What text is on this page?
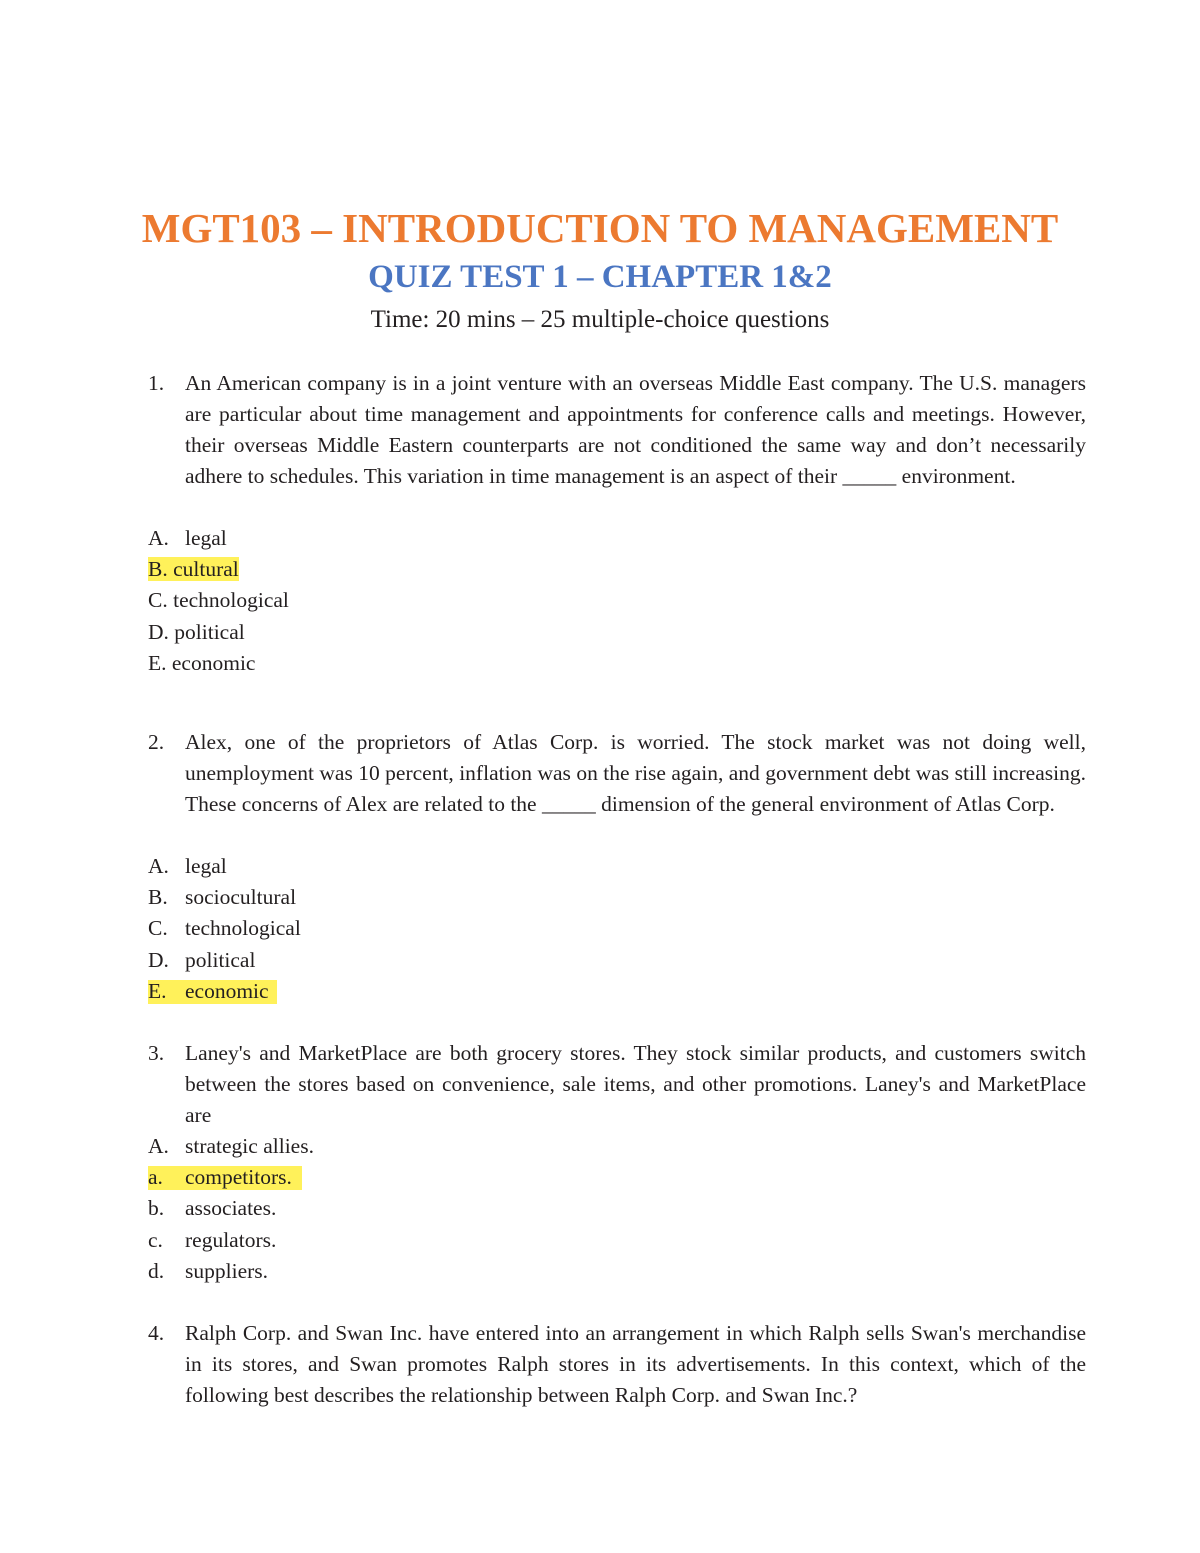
MGT103 – INTRODUCTION TO MANAGEMENT
QUIZ TEST 1 – CHAPTER 1&2
Time: 20 mins – 25 multiple-choice questions
1. An American company is in a joint venture with an overseas Middle East company. The U.S. managers are particular about time management and appointments for conference calls and meetings. However, their overseas Middle Eastern counterparts are not conditioned the same way and don’t necessarily adhere to schedules. This variation in time management is an aspect of their _____ environment.
A. legal
B. cultural
C. technological
D. political
E. economic
2. Alex, one of the proprietors of Atlas Corp. is worried. The stock market was not doing well, unemployment was 10 percent, inflation was on the rise again, and government debt was still increasing. These concerns of Alex are related to the _____ dimension of the general environment of Atlas Corp.
A. legal
B. sociocultural
C. technological
D. political
E. economic
3. Laney's and MarketPlace are both grocery stores. They stock similar products, and customers switch between the stores based on convenience, sale items, and other promotions. Laney's and MarketPlace are
A. strategic allies.
a. competitors.
b. associates.
c. regulators.
d. suppliers.
4. Ralph Corp. and Swan Inc. have entered into an arrangement in which Ralph sells Swan's merchandise in its stores, and Swan promotes Ralph stores in its advertisements. In this context, which of the following best describes the relationship between Ralph Corp. and Swan Inc.?
